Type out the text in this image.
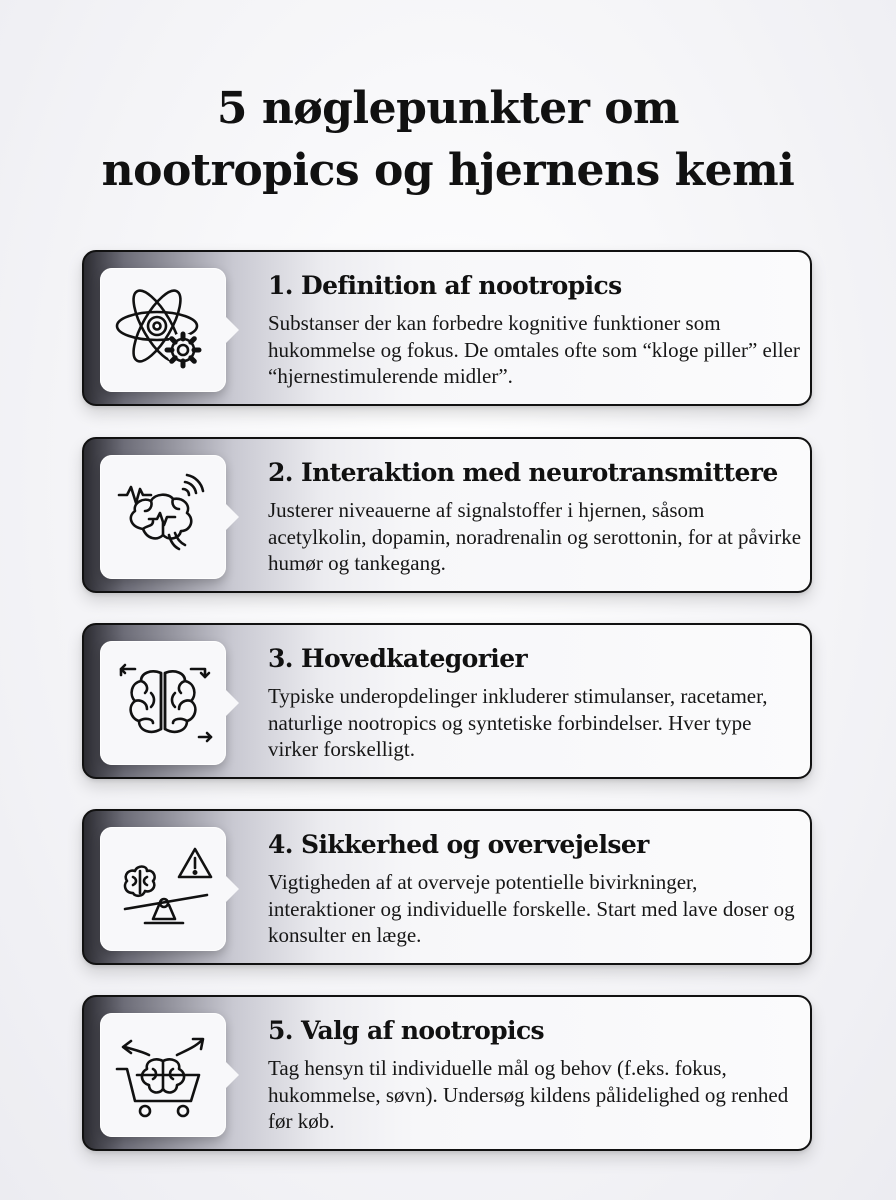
5 nøglepunkter om
nootropics og hjernens kemi
1. Definition af nootropics

Substanser der kan forbedre kognitive funktioner som hukommelse og fokus. De omtales ofte som “kloge piller” eller “hjernestimulerende midler”.

2. Interaktion med neurotransmittere

Justerer niveauerne af signalstoffer i hjernen, såsom acetylkolin, dopamin, noradrenalin og serottonin, for at påvirke humør og tankegang.

3. Hovedkategorier

Typiske underopdelinger inkluderer stimulanser, racetamer, naturlige nootropics og syntetiske forbindelser. Hver type virker forskelligt.

4. Sikkerhed og overvejelser

Vigtigheden af at overveje potentielle bivirkninger, interaktioner og individuelle forskelle. Start med lave doser og konsulter en læge.

5. Valg af nootropics

Tag hensyn til individuelle mål og behov (f.eks. fokus, hukommelse, søvn). Undersøg kildens pålidelighed og renhed før køb.
